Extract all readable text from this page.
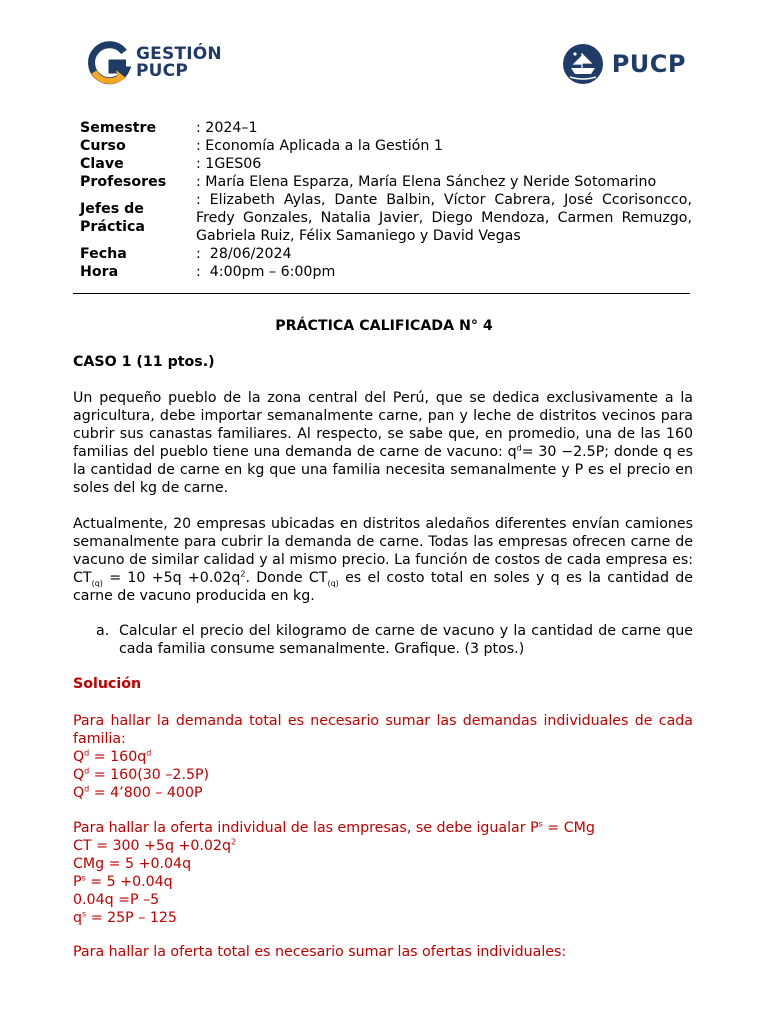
GESTIÓN
PUCP	PUCP
Semestre	: 2024–1
Curso	: Economía Aplicada a la Gestión 1
Clave	: 1GES06
Profesores	: María Elena Esparza, María Elena Sánchez y Neride Sotomarino
Jefes de
Práctica
: Elizabeth Aylas, Dante Balbin, Víctor Cabrera, José Ccorisoncco, Fredy Gonzales, Natalia Javier, Diego Mendoza, Carmen Remuzgo, Gabriela Ruiz, Félix Samaniego y David Vegas
Fecha	:  28/06/2024
Hora	:  4:00pm – 6:00pm
PRÁCTICA CALIFICADA N° 4
CASO 1 (11 ptos.)
Un pequeño pueblo de la zona central del Perú, que se dedica exclusivamente a la agricultura, debe importar semanalmente carne, pan y leche de distritos vecinos para cubrir sus canastas familiares. Al respecto, se sabe que, en promedio, una de las 160 familias del pueblo tiene una demanda de carne de vacuno: $q^d= 30 -2.5P$; donde q es la cantidad de carne en kg que una familia necesita semanalmente y P es el precio en soles del kg de carne.
Actualmente, 20 empresas ubicadas en distritos aledaños diferentes envían camiones semanalmente para cubrir la demanda de carne. Todas las empresas ofrecen carne de vacuno de similar calidad y al mismo precio. La función de costos de cada empresa es: $CT_{(q)} = 10 +5q +0.02q^2$. Donde $CT_{(q)}$ es el costo total en soles y q es la cantidad de carne de vacuno producida en kg.
a. Calcular el precio del kilogramo de carne de vacuno y la cantidad de carne que cada familia consume semanalmente. Grafique. (3 ptos.)
Solución
Para hallar la demanda total es necesario sumar las demandas individuales de cada familia:
$Q^d = 160q^d$
$Q^d = 160(30$ –2.5P)
$Q^d$ = 4’800 – 400P
Para hallar la oferta individual de las empresas, se debe igualar $P^s$ = CMg
CT = $300 +5q +0.02q^2$
CMg = 5 +0.04q
$P^s = 5 +0.04q$
0.04q =P –5
$q^s = 25P - 125$
Para hallar la oferta total es necesario sumar las ofertas individuales:
